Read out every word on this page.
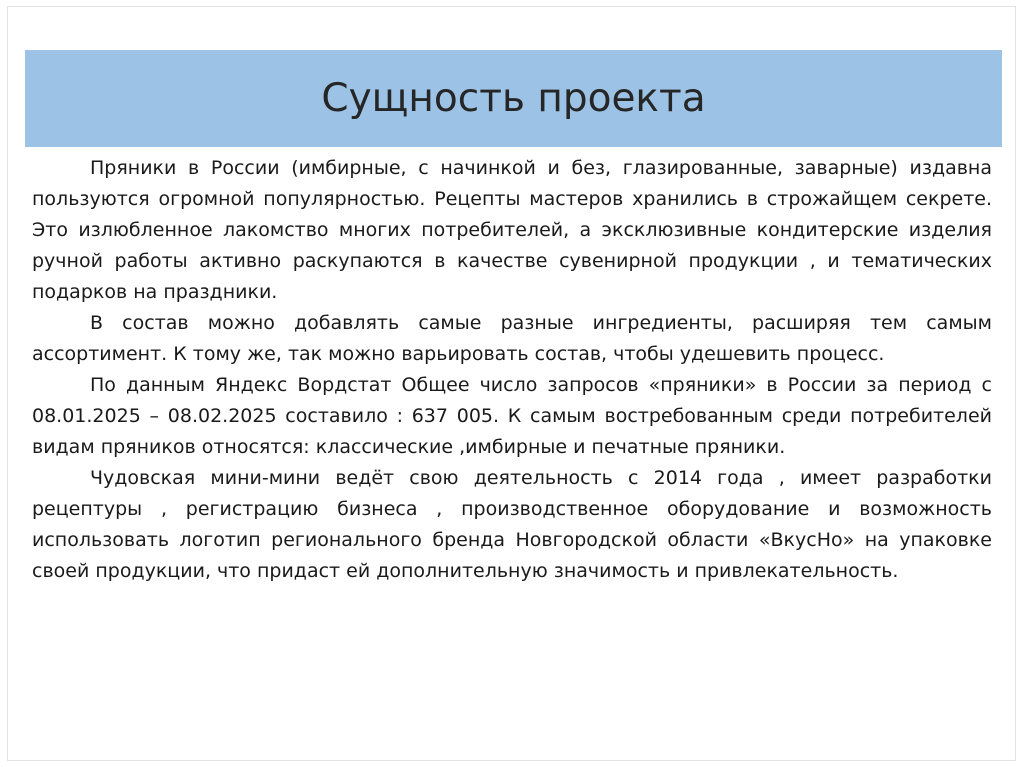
Сущность проекта

Пряники в России (имбирные, с начинкой и без, глазированные, заварные) издавна пользуются огромной популярностью. Рецепты мастеров хранились в строжайщем секрете. Это излюбленное лакомство многих потребителей, а эксклюзивные кондитерские изделия ручной работы активно раскупаются в качестве сувенирной продукции , и тематических подарков на праздники.

В состав можно добавлять самые разные ингредиенты, расширяя тем самым ассортимент. К тому же, так можно варьировать состав, чтобы удешевить процесс.

По данным Яндекс Вордстат Общее число запросов «пряники» в России за период с 08.01.2025 – 08.02.2025 составило : 637 005. К самым востребованным среди потребителей видам пряников относятся: классические ,имбирные и печатные пряники.

Чудовская мини-мини ведёт свою деятельность с 2014 года , имеет разработки рецептуры , регистрацию бизнеса , производственное оборудование и возможность использовать логотип регионального бренда Новгородской области «ВкусНо» на упаковке своей продукции, что придаст ей дополнительную значимость и привлекательность.
